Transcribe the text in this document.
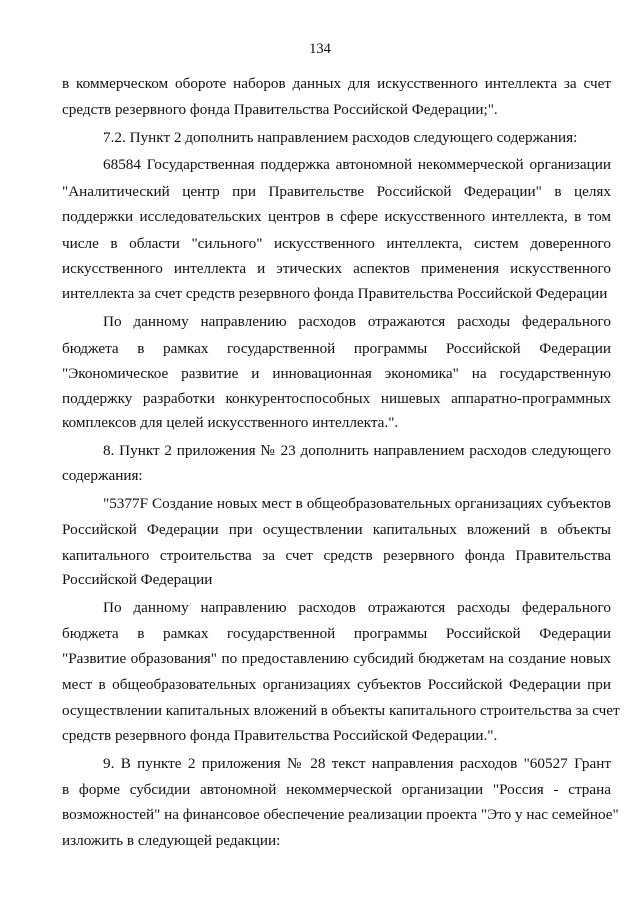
134
в коммерческом обороте наборов данных для искусственного интеллекта за счет
средств резервного фонда Правительства Российской Федерации;".
7.2. Пункт 2 дополнить направлением расходов следующего содержания:
68584 Государственная поддержка автономной некоммерческой организации
"Аналитический центр при Правительстве Российской Федерации" в целях
поддержки исследовательских центров в сфере искусственного интеллекта, в том
числе в области "сильного" искусственного интеллекта, систем доверенного
искусственного интеллекта и этических аспектов применения искусственного
интеллекта за счет средств резервного фонда Правительства Российской Федерации
По данному направлению расходов отражаются расходы федерального
бюджета в рамках государственной программы Российской Федерации
"Экономическое развитие и инновационная экономика" на государственную
поддержку разработки конкурентоспособных нишевых аппаратно-программных
комплексов для целей искусственного интеллекта.".
8. Пункт 2 приложения № 23 дополнить направлением расходов следующего
содержания:
"5377F Создание новых мест в общеобразовательных организациях субъектов
Российской Федерации при осуществлении капитальных вложений в объекты
капитального строительства за счет средств резервного фонда Правительства
Российской Федерации
По данному направлению расходов отражаются расходы федерального
бюджета в рамках государственной программы Российской Федерации
"Развитие образования" по предоставлению субсидий бюджетам на создание новых
мест в общеобразовательных организациях субъектов Российской Федерации при
осуществлении капитальных вложений в объекты капитального строительства за счет
средств резервного фонда Правительства Российской Федерации.".
9. В пункте 2 приложения № 28 текст направления расходов "60527 Грант
в форме субсидии автономной некоммерческой организации "Россия - страна
возможностей" на финансовое обеспечение реализации проекта "Это у нас семейное"
изложить в следующей редакции:
